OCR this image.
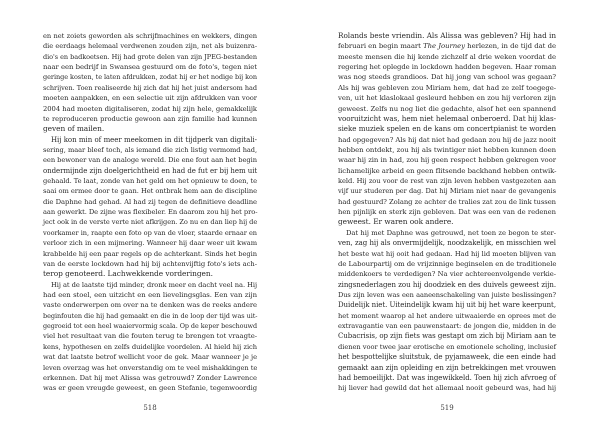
en net zoiets geworden als schrijfmachines en wekkers, dingen
die eerdaags helemaal verdwenen zouden zijn, net als buizenra-
dio's en badkoetsen. Hij had grote delen van zijn JPEG-bestanden
naar een bedrijf in Swansea gestuurd om de foto's, tegen niet
geringe kosten, te laten afdrukken, zodat hij er het nodige bij kon
schrijven. Toen realiseerde hij zich dat hij het juist andersom had
moeten aanpakken, en een selectie uit zijn afdrukken van voor
2004 had moeten digitaliseren, zodat hij zijn hele, gemakkelijk
te reproduceren productie gewoon aan zijn familie had kunnen
geven of mailen.
Hij kon min of meer meekomen in dit tijdperk van digitali-
sering, maar bleef toch, als iemand die zich listig vermomd had,
een bewoner van de analoge wereld. Die ene fout aan het begin
ondermijnde zijn doelgerichtheid en had de fut er bij hem uit
gehaald. Te laat, zonde van het geld om het opnieuw te doen, te
saai om ermee door te gaan. Het ontbrak hem aan de discipline
die Daphne had gehad. Al had zij tegen de definitieve deadline
aan gewerkt. De zijne was flexibeler. En daarom zou hij het pro-
ject ook in de verste verte niet afkrijgen. Zo nu en dan liep hij de
voorkamer in, raapte een foto op van de vloer, staarde ernaar en
verloor zich in een mijmering. Wanneer hij daar weer uit kwam
krabbelde hij een paar regels op de achterkant. Sinds het begin
van de eerste lockdown had hij bij achtenvijftig foto's iets ach-
terop genoteerd. Lachwekkende vorderingen.
Hij at de laatste tijd minder, dronk meer en dacht veel na. Hij
had een stoel, een uitzicht en een lievelingsglas. Een van zijn
vaste onderwerpen om over na te denken was de reeks andere
beginfouten die hij had gemaakt en die in de loop der tijd was uit-
gegroeid tot een heel waaiervormig scala. Op de keper beschouwd
viel het resultaat van die fouten terug te brengen tot vraagte-
kens, hypothesen en zelfs duidelijke voordelen. Al hield hij zich
wat dat laatste betrof wellicht voor de gek. Maar wanneer je je
leven overzag was het onverstandig om te veel mishakkingen te
erkennen. Dat hij met Alissa was getrouwd? Zonder Lawrence
was er geen vreugde geweest, en geen Stefanie, tegenwoordig
518
Rolands beste vriendin. Als Alissa was gebleven? Hij had in
februari en begin maart The Journey herlezen, in de tijd dat de
meeste mensen die hij kende zichzelf al drie weken voordat de
regering het oplegde in lockdown hadden begeven. Haar roman
was nog steeds grandioos. Dat hij jong van school was gegaan?
Als hij was gebleven zou Miriam hem, dat had ze zelf toegege-
ven, uit het klaslokaal gesleurd hebben en zou hij verloren zijn
geweest. Zelfs nu nog liet die gedachte, alsof het een spannend
vooruitzicht was, hem niet helemaal onberoerd. Dat hij klas-
sieke muziek spelen en de kans om concertpianist te worden
had opgegeven? Als hij dat niet had gedaan zou hij de jazz nooit
hebben ontdekt, zou hij als twintiger niet hebben kunnen doen
waar hij zin in had, zou hij geen respect hebben gekregen voor
lichamelijke arbeid en geen flitsende backhand hebben ontwik-
keld. Hij zou voor de rest van zijn leven hebben vastgezeten aan
vijf uur studeren per dag. Dat hij Miriam niet naar de gevangenis
had gestuurd? Zolang ze achter de tralies zat zou de link tussen
hen pijnlijk en sterk zijn gebleven. Dat was een van de redenen
geweest. Er waren ook andere.
Dat hij met Daphne was getrouwd, net toen ze begon te ster-
ven, zag hij als onvermijdelijk, noodzakelijk, en misschien wel
het beste wat hij ooit had gedaan. Had hij lid moeten blijven van
de Labourpartij om de vrijzinnige beginselen en de traditionele
middenkoers te verdedigen? Na vier achtereenvolgende verkie-
zingsnederlagen zou hij doodziek en des duivels geweest zijn.
Dus zijn leven was een aaneenschakeling van juiste beslissingen?
Duidelijk niet. Uiteindelijk kwam hij uit bij het ware keerpunt,
het moment waarop al het andere uitwaaierde en oprees met de
extravagantie van een pauwenstaart: de jongen die, midden in de
Cubacrisis, op zijn fiets was gestapt om zich bij Miriam aan te
dienen voor twee jaar erotische en emotionele scholing, inclusief
het bespottelijke sluitstuk, de pyjamaweek, die een einde had
gemaakt aan zijn opleiding en zijn betrekkingen met vrouwen
had bemoeilijkt. Dat was ingewikkeld. Toen hij zich afvroeg of
hij liever had gewild dat het allemaal nooit gebeurd was, had hij
519
